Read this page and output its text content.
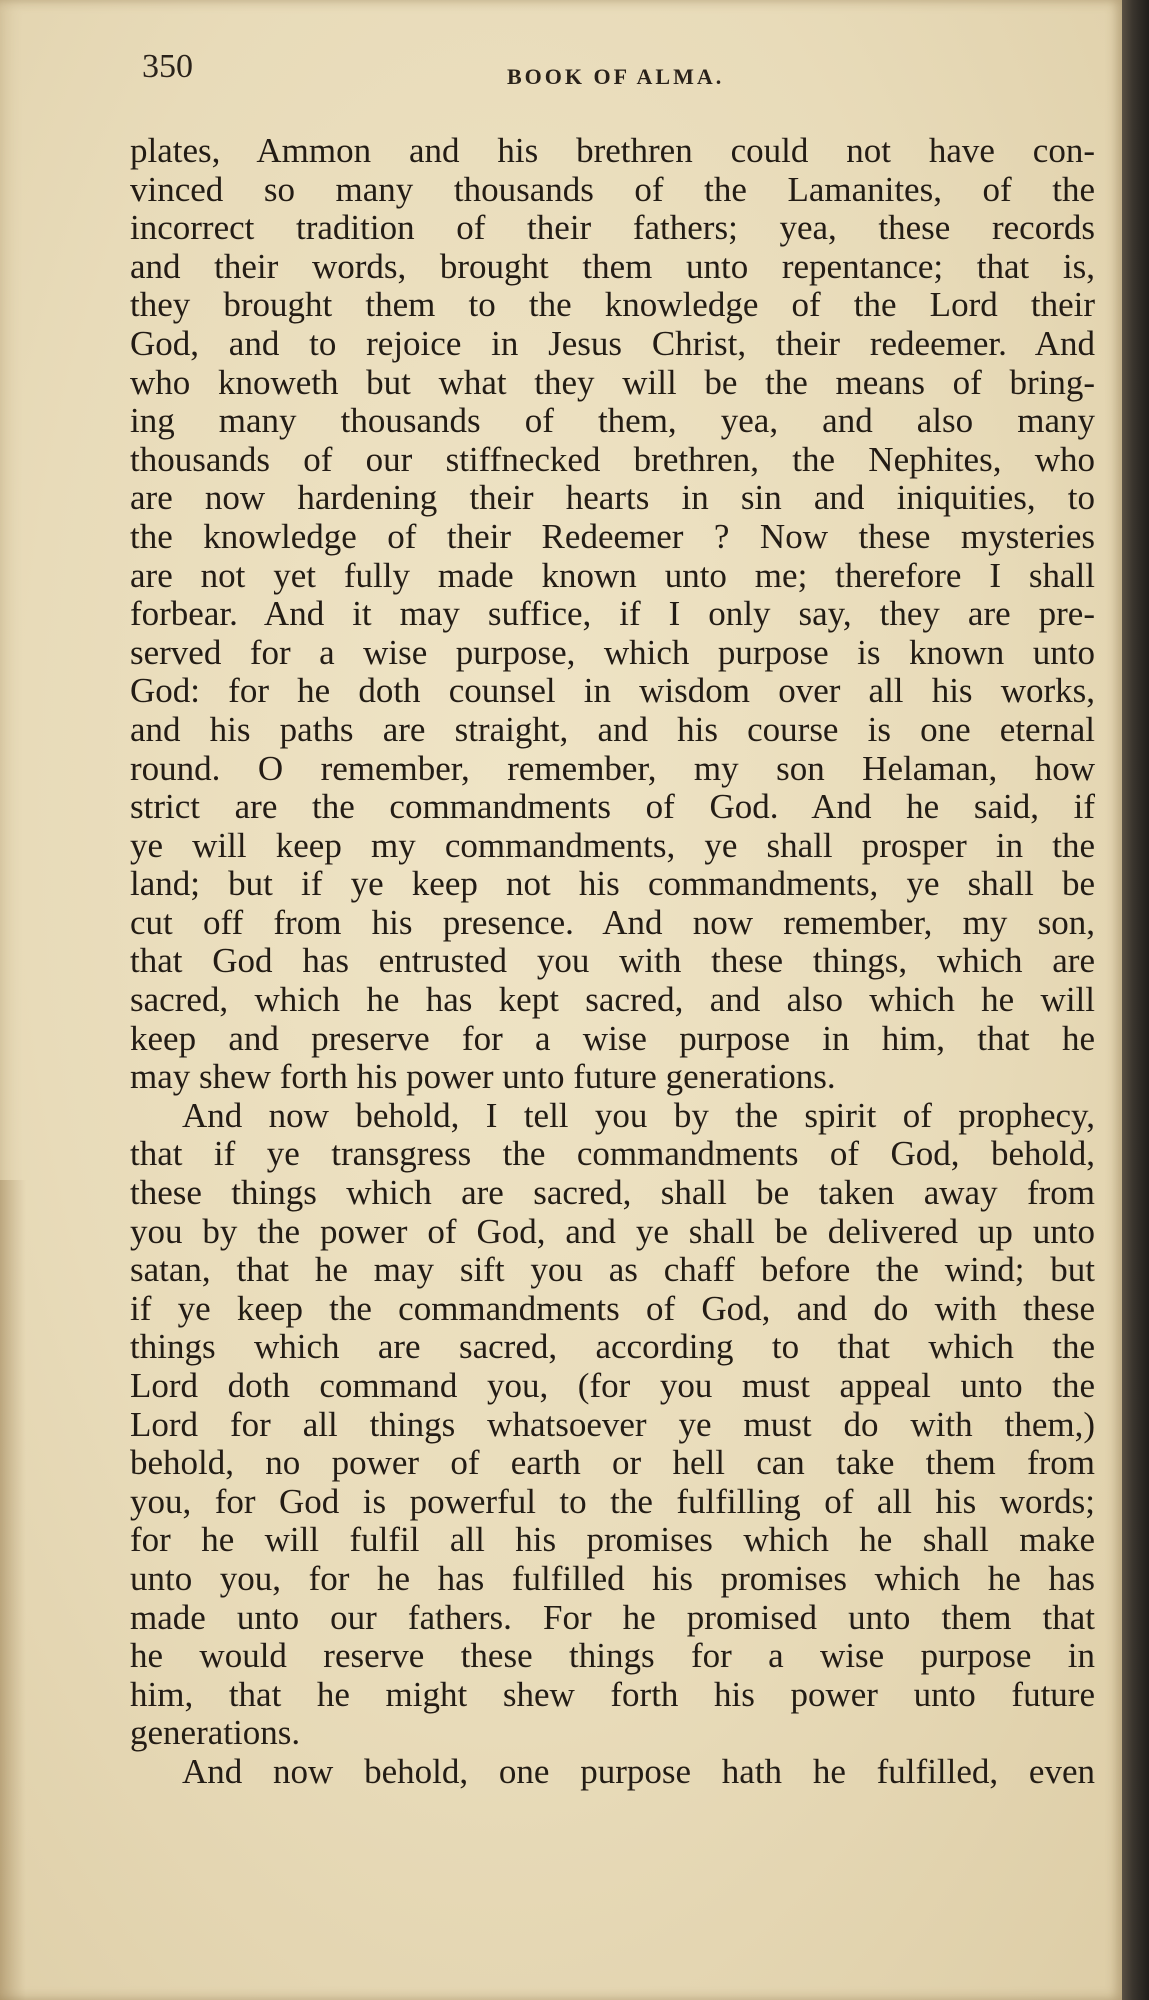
350	BOOK OF ALMA.
plates, Ammon and his brethren could not have con-
vinced so many thousands of the Lamanites, of the
incorrect tradition of their fathers; yea, these records
and their words, brought them unto repentance; that is,
they brought them to the knowledge of the Lord their
God, and to rejoice in Jesus Christ, their redeemer. And
who knoweth but what they will be the means of bring-
ing many thousands of them, yea, and also many
thousands of our stiffnecked brethren, the Nephites, who
are now hardening their hearts in sin and iniquities, to
the knowledge of their Redeemer ? Now these mysteries
are not yet fully made known unto me; therefore I shall
forbear. And it may suffice, if I only say, they are pre-
served for a wise purpose, which purpose is known unto
God: for he doth counsel in wisdom over all his works,
and his paths are straight, and his course is one eternal
round. O remember, remember, my son Helaman, how
strict are the commandments of God. And he said, if
ye will keep my commandments, ye shall prosper in the
land; but if ye keep not his commandments, ye shall be
cut off from his presence. And now remember, my son,
that God has entrusted you with these things, which are
sacred, which he has kept sacred, and also which he will
keep and preserve for a wise purpose in him, that he
may shew forth his power unto future generations.
And now behold, I tell you by the spirit of prophecy,
that if ye transgress the commandments of God, behold,
these things which are sacred, shall be taken away from
you by the power of God, and ye shall be delivered up unto
satan, that he may sift you as chaff before the wind; but
if ye keep the commandments of God, and do with these
things which are sacred, according to that which the
Lord doth command you, (for you must appeal unto the
Lord for all things whatsoever ye must do with them,)
behold, no power of earth or hell can take them from
you, for God is powerful to the fulfilling of all his words;
for he will fulfil all his promises which he shall make
unto you, for he has fulfilled his promises which he has
made unto our fathers. For he promised unto them that
he would reserve these things for a wise purpose in
him, that he might shew forth his power unto future
generations.
And now behold, one purpose hath he fulfilled, even
